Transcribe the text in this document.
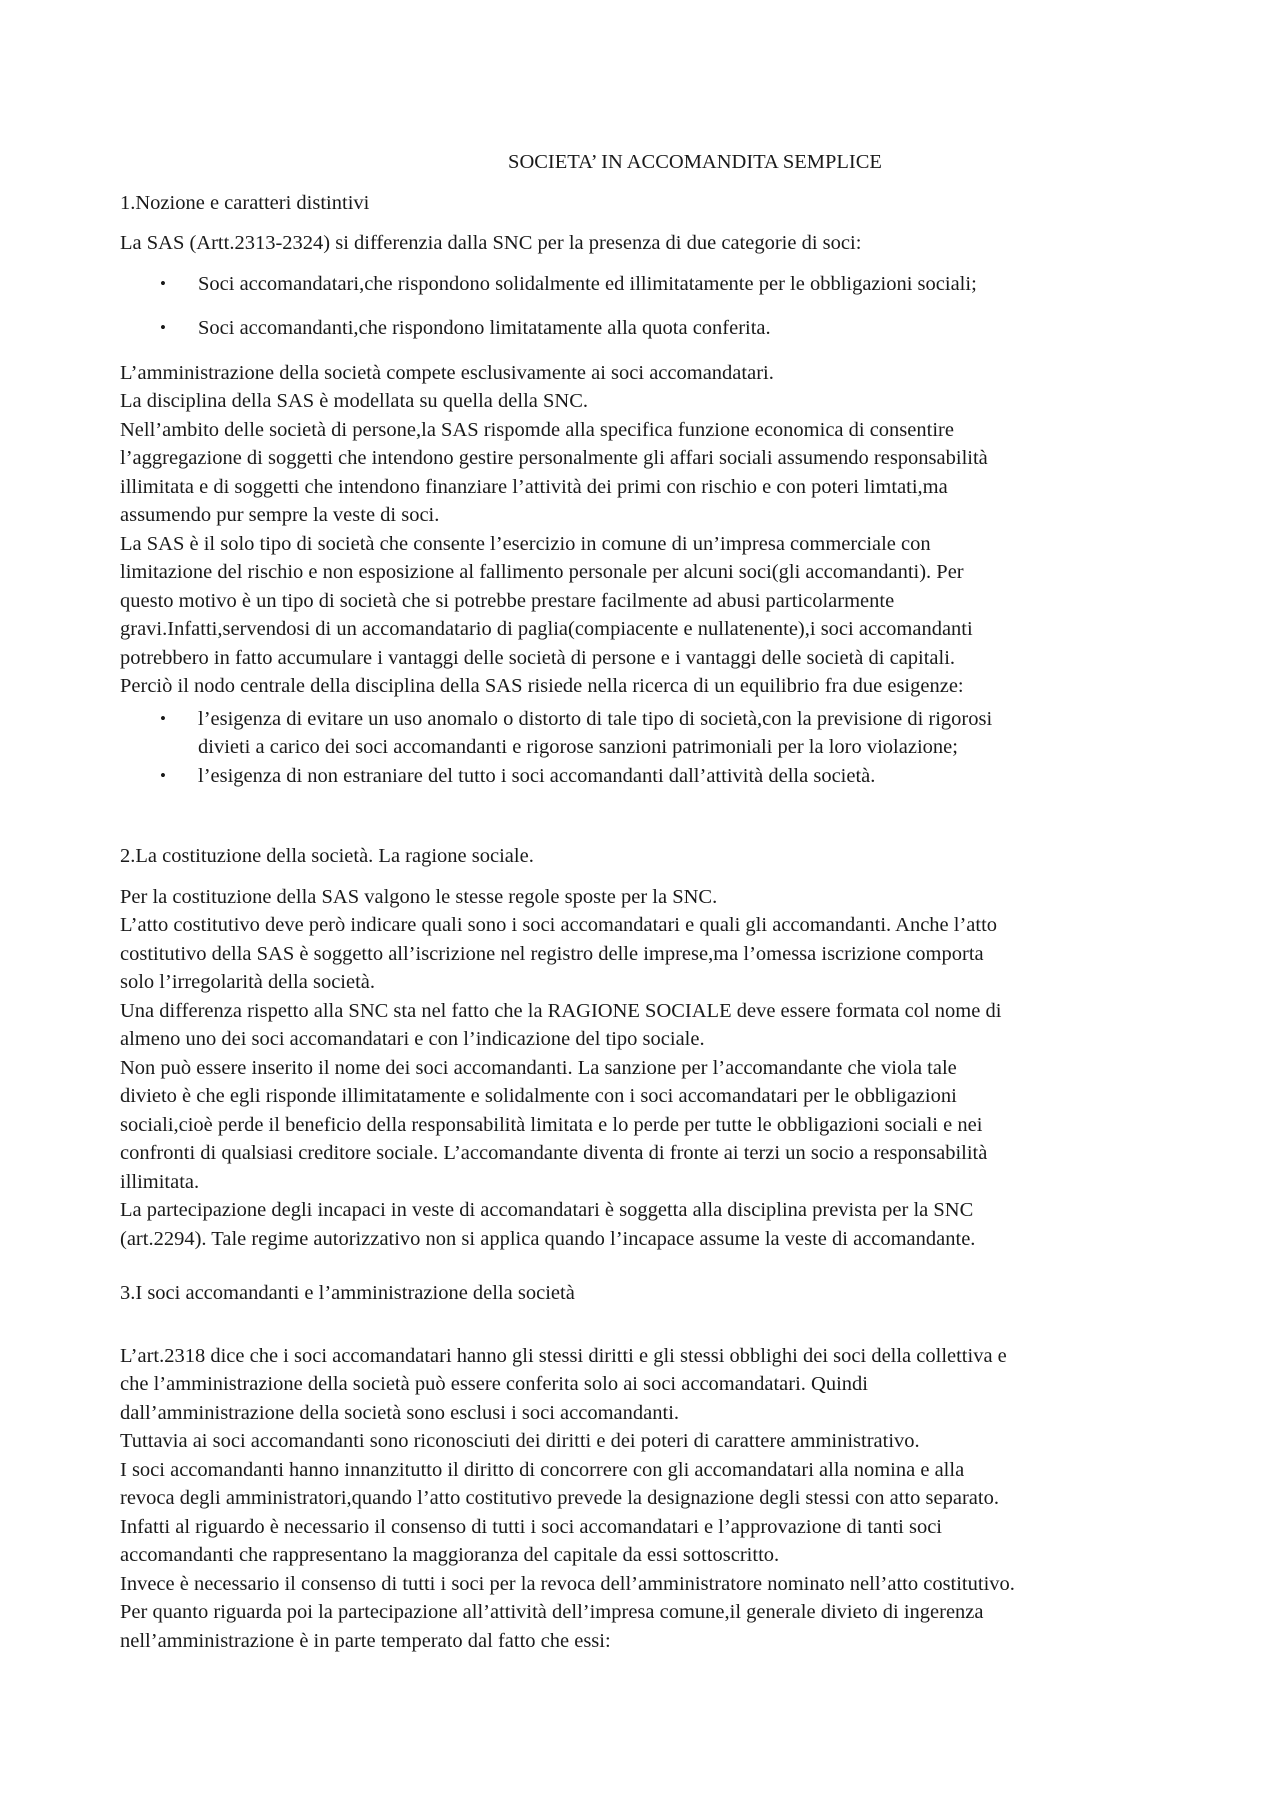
SOCIETA’ IN ACCOMANDITA SEMPLICE
1.Nozione e caratteri distintivi

La SAS (Artt.2313-2324) si differenzia dalla SNC per la presenza di due categorie di soci:

• Soci accomandatari,che rispondono solidalmente ed illimitatamente per le obbligazioni sociali;
• Soci accomandanti,che rispondono limitatamente alla quota conferita.
L’amministrazione della società compete esclusivamente ai soci accomandatari.
La disciplina della SAS è modellata su quella della SNC.
Nell’ambito delle società di persone,la SAS rispomde alla specifica funzione economica di consentire
l’aggregazione di soggetti che intendono gestire personalmente gli affari sociali assumendo responsabilità
illimitata e di soggetti che intendono finanziare l’attività dei primi con rischio e con poteri limtati,ma
assumendo pur sempre la veste di soci.
La SAS è il solo tipo di società che consente l’esercizio in comune di un’impresa commerciale con
limitazione del rischio e non esposizione al fallimento personale per alcuni soci(gli accomandanti). Per
questo motivo è un tipo di società che si potrebbe prestare facilmente ad abusi particolarmente
gravi.Infatti,servendosi di un accomandatario di paglia(compiacente e nullatenente),i soci accomandanti
potrebbero in fatto accumulare i vantaggi delle società di persone e i vantaggi delle società di capitali.
Perciò il nodo centrale della disciplina della SAS risiede nella ricerca di un equilibrio fra due esigenze:
• l’esigenza di evitare un uso anomalo o distorto di tale tipo di società,con la previsione di rigorosi
divieti a carico dei soci accomandanti e rigorose sanzioni patrimoniali per la loro violazione;
• l’esigenza di non estraniare del tutto i soci accomandanti dall’attività della società.
2.La costituzione della società. La ragione sociale.
Per la costituzione della SAS valgono le stesse regole sposte per la SNC.
L’atto costitutivo deve però indicare quali sono i soci accomandatari e quali gli accomandanti. Anche l’atto
costitutivo della SAS è soggetto all’iscrizione nel registro delle imprese,ma l’omessa iscrizione comporta
solo l’irregolarità della società.
Una differenza rispetto alla SNC sta nel fatto che la RAGIONE SOCIALE deve essere formata col nome di
almeno uno dei soci accomandatari e con l’indicazione del tipo sociale.
Non può essere inserito il nome dei soci accomandanti. La sanzione per l’accomandante che viola tale
divieto è che egli risponde illimitatamente e solidalmente con i soci accomandatari per le obbligazioni
sociali,cioè perde il beneficio della responsabilità limitata e lo perde per tutte le obbligazioni sociali e nei
confronti di qualsiasi creditore sociale. L’accomandante diventa di fronte ai terzi un socio a responsabilità
illimitata.
La partecipazione degli incapaci in veste di accomandatari è soggetta alla disciplina prevista per la SNC
(art.2294). Tale regime autorizzativo non si applica quando l’incapace assume la veste di accomandante.
3.I soci accomandanti e l’amministrazione della società
L’art.2318 dice che i soci accomandatari hanno gli stessi diritti e gli stessi obblighi dei soci della collettiva e
che l’amministrazione della società può essere conferita solo ai soci accomandatari. Quindi
dall’amministrazione della società sono esclusi i soci accomandanti.
Tuttavia ai soci accomandanti sono riconosciuti dei diritti e dei poteri di carattere amministrativo.
I soci accomandanti hanno innanzitutto il diritto di concorrere con gli accomandatari alla nomina e alla
revoca degli amministratori,quando l’atto costitutivo prevede la designazione degli stessi con atto separato.
Infatti al riguardo è necessario il consenso di tutti i soci accomandatari e l’approvazione di tanti soci
accomandanti che rappresentano la maggioranza del capitale da essi sottoscritto.
Invece è necessario il consenso di tutti i soci per la revoca dell’amministratore nominato nell’atto costitutivo.
Per quanto riguarda poi la partecipazione all’attività dell’impresa comune,il generale divieto di ingerenza
nell’amministrazione è in parte temperato dal fatto che essi:
